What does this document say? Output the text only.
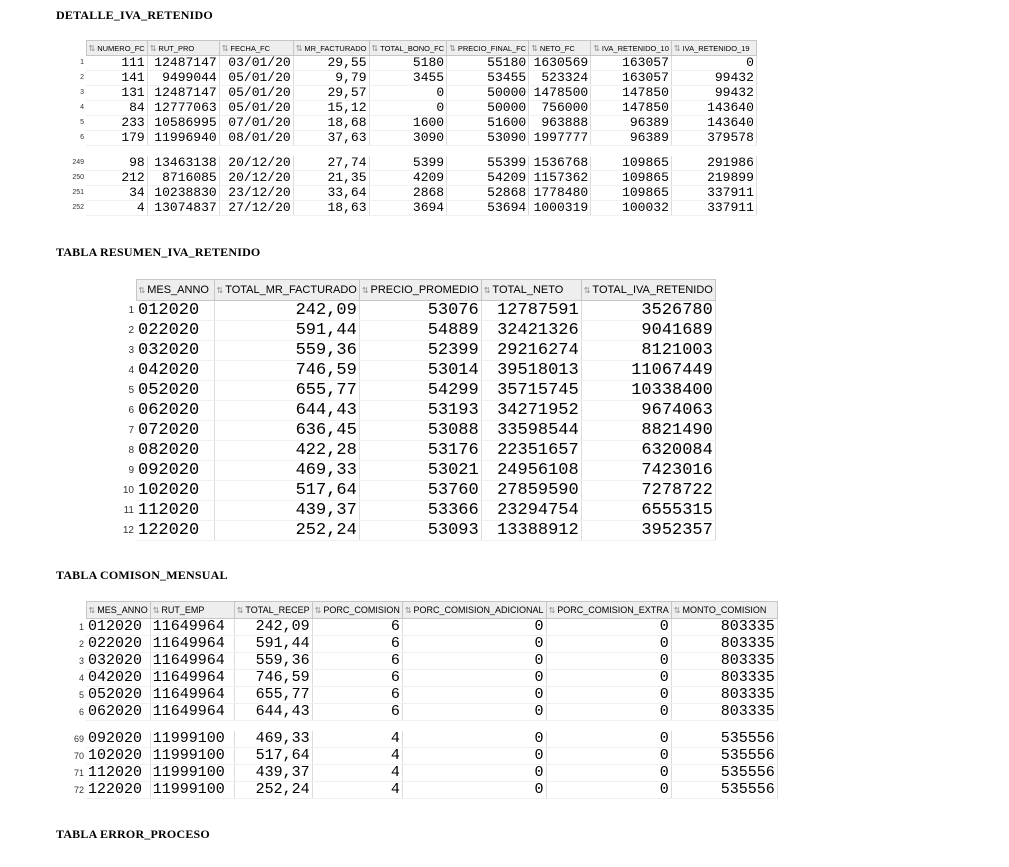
DETALLE_IVA_RETENIDO
	⇅ NUMERO_FC	⇅ RUT_PRO	⇅ FECHA_FC	⇅ MR_FACTURADO	⇅ TOTAL_BONO_FC	⇅ PRECIO_FINAL_FC	⇅ NETO_FC	⇅ IVA_RETENIDO_10	⇅ IVA_RETENIDO_19
1	111	12487147	03/01/20	29,55	5180	55180	1630569	163057	0
2	141	9499044	05/01/20	9,79	3455	53455	523324	163057	99432
3	131	12487147	05/01/20	29,57	0	50000	1478500	147850	99432
4	84	12777063	05/01/20	15,12	0	50000	756000	147850	143640
5	233	10586995	07/01/20	18,68	1600	51600	963888	96389	143640
6	179	11996940	08/01/20	37,63	3090	53090	1997777	96389	379578

249	98	13463138	20/12/20	27,74	5399	55399	1536768	109865	291986
250	212	8716085	20/12/20	21,35	4209	54209	1157362	109865	219899
251	34	10238830	23/12/20	33,64	2868	52868	1778480	109865	337911
252	4	13074837	27/12/20	18,63	3694	53694	1000319	100032	337911
TABLA RESUMEN_IVA_RETENIDO
	⇅ MES_ANNO	⇅ TOTAL_MR_FACTURADO	⇅ PRECIO_PROMEDIO	⇅ TOTAL_NETO	⇅ TOTAL_IVA_RETENIDO
1	012020	242,09	53076	12787591	3526780
2	022020	591,44	54889	32421326	9041689
3	032020	559,36	52399	29216274	8121003
4	042020	746,59	53014	39518013	11067449
5	052020	655,77	54299	35715745	10338400
6	062020	644,43	53193	34271952	9674063
7	072020	636,45	53088	33598544	8821490
8	082020	422,28	53176	22351657	6320084
9	092020	469,33	53021	24956108	7423016
10	102020	517,64	53760	27859590	7278722
11	112020	439,37	53366	23294754	6555315
12	122020	252,24	53093	13388912	3952357
TABLA COMISON_MENSUAL
	⇅ MES_ANNO	⇅ RUT_EMP	⇅ TOTAL_RECEP	⇅ PORC_COMISION	⇅ PORC_COMISION_ADICIONAL	⇅ PORC_COMISION_EXTRA	⇅ MONTO_COMISION
1	012020	11649964	242,09	6	0	0	803335
2	022020	11649964	591,44	6	0	0	803335
3	032020	11649964	559,36	6	0	0	803335
4	042020	11649964	746,59	6	0	0	803335
5	052020	11649964	655,77	6	0	0	803335
6	062020	11649964	644,43	6	0	0	803335

69	092020	11999100	469,33	4	0	0	535556
70	102020	11999100	517,64	4	0	0	535556
71	112020	11999100	439,37	4	0	0	535556
72	122020	11999100	252,24	4	0	0	535556
TABLA ERROR_PROCESO
